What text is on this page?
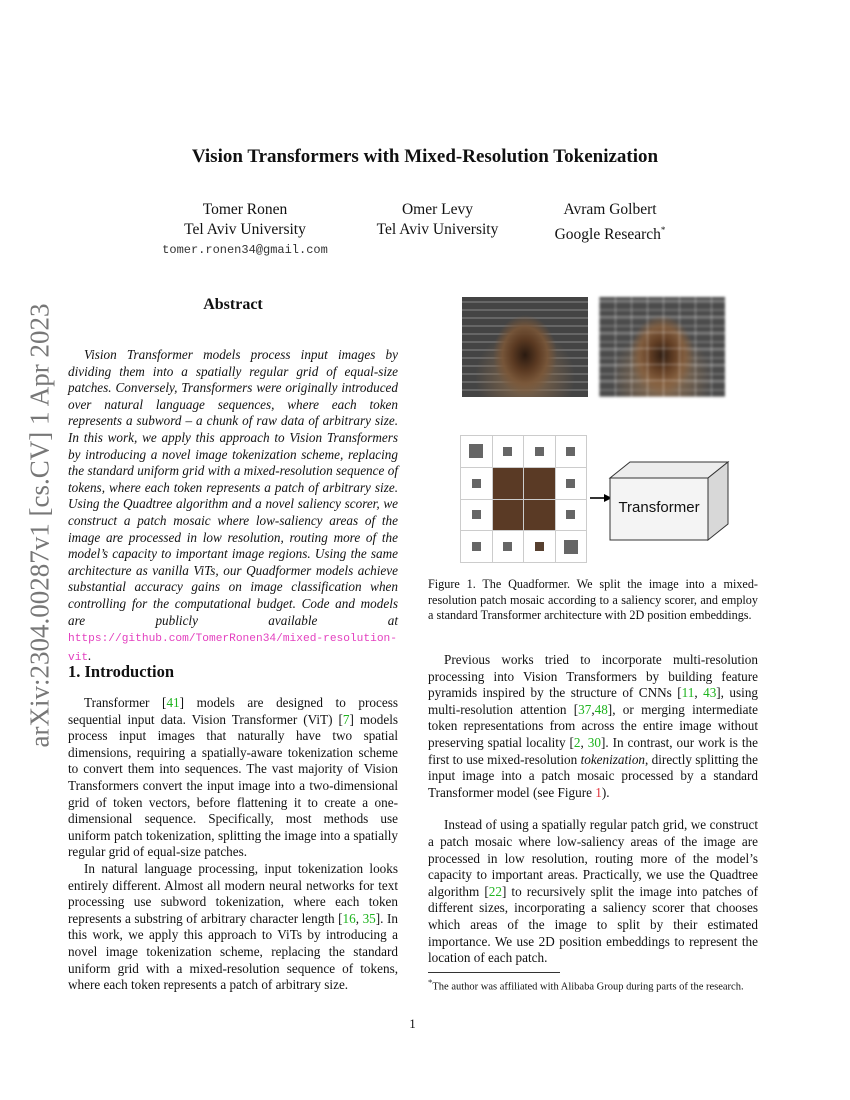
arXiv:2304.00287v1 [cs.CV] 1 Apr 2023
Vision Transformers with Mixed-Resolution Tokenization
Tomer Ronen
Tel Aviv University
tomer.ronen34@gmail.com
Omer Levy
Tel Aviv University
Avram Golbert
Google Research*
Abstract

Vision Transformer models process input images by dividing them into a spatially regular grid of equal-size patches. Conversely, Transformers were originally introduced over natural language sequences, where each token represents a subword – a chunk of raw data of arbitrary size. In this work, we apply this approach to Vision Transformers by introducing a novel image tokenization scheme, replacing the standard uniform grid with a mixed-resolution sequence of tokens, where each token represents a patch of arbitrary size. Using the Quadtree algorithm and a novel saliency scorer, we construct a patch mosaic where low-saliency areas of the image are processed in low resolution, routing more of the model’s capacity to important image regions. Using the same architecture as vanilla ViTs, our Quadformer models achieve substantial accuracy gains on image classification when controlling for the computational budget. Code and models are publicly available at https://github.com/TomerRonen34/mixed-resolution-vit.

1. Introduction

Transformer [41] models are designed to process sequential input data. Vision Transformer (ViT) [7] models process input images that naturally have two spatial dimensions, requiring a spatially-aware tokenization scheme to convert them into sequences. The vast majority of Vision Transformers convert the input image into a two-dimensional grid of token vectors, before flattening it to create a one-dimensional sequence. Specifically, most methods use uniform patch tokenization, splitting the image into a spatially regular grid of equal-size patches.

In natural language processing, input tokenization looks entirely different. Almost all modern neural networks for text processing use subword tokenization, where each token represents a substring of arbitrary character length [16, 35]. In this work, we apply this approach to ViTs by introducing a novel image tokenization scheme, replacing the standard uniform grid with a mixed-resolution sequence of tokens, where each token represents a patch of arbitrary size.

Transformer
Figure 1. The Quadformer. We split the image into a mixed-resolution patch mosaic according to a saliency scorer, and employ a standard Transformer architecture with 2D position embeddings.

Previous works tried to incorporate multi-resolution processing into Vision Transformers by building feature pyramids inspired by the structure of CNNs [11, 43], using multi-resolution attention [37,48], or merging intermediate token representations from across the entire image without preserving spatial locality [2, 30]. In contrast, our work is the first to use mixed-resolution tokenization, directly splitting the input image into a patch mosaic processed by a standard Transformer model (see Figure 1).

Instead of using a spatially regular patch grid, we construct a patch mosaic where low-saliency areas of the image are processed in low resolution, routing more of the model’s capacity to important areas. Practically, we use the Quadtree algorithm [22] to recursively split the image into patches of different sizes, incorporating a saliency scorer that chooses which areas of the image to split by their estimated importance. We use 2D position embeddings to represent the location of each patch.

*The author was affiliated with Alibaba Group during parts of the research.
1
